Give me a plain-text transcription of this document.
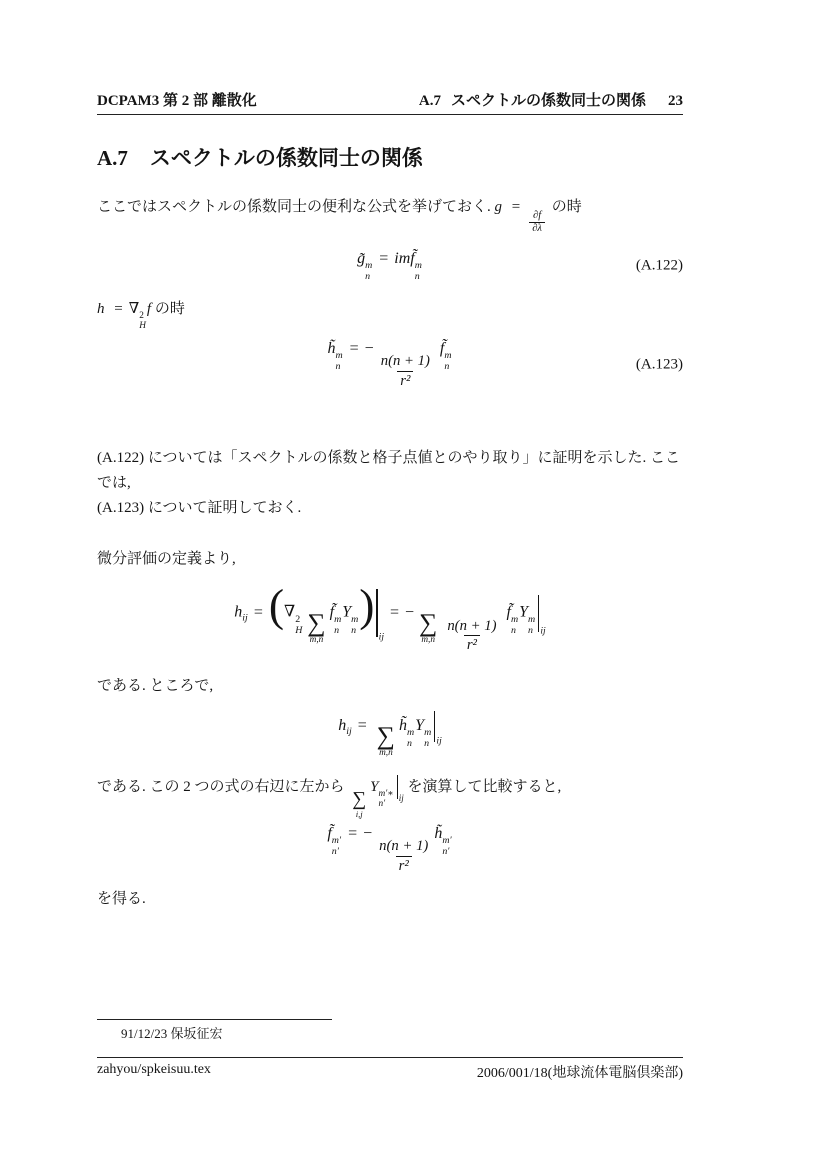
DCPAM3 第 2 部 離散化	A.7 スペクトルの係数同士の関係 23
A.7 スペクトルの係数同士の関係

ここではスペクトルの係数同士の便利な公式を挙げておく. g =
$\frac{\partial f}{\partial\lambda}$
の時

g̃ m
n
= imf̃ m
n
(A.122)

h = ∇ 2
H
f の時

h̃ m
n
= −
$\frac{n(n + 1)}{\text{r²}}$
f̃ m
n	(A.123)

(A.122) については「スペクトルの係数と格子点値とのやり取り」に証明を示した. ここでは,
(A.123) について証明しておく.

微分評価の定義より,

$h_{ij}$ = (∇ 2
H ∑
m,n
f̃ m
n
Y m
n
)
ij
= − ∑
$m,n \frac{n(n + 1)}{\text{r²}}$
f̃ m
n
Y m
n ij

である. ところで,

$h_{ij}$ = ∑
m,n
h̃ m
n
Y m
n ij

である. この 2 つの式の右辺に左から
∑
i,j
Y m′∗
n′
ij
を演算して比較すると,

f̃ m′
n′
= −
$\frac{n(n + 1)}{\text{r²}}$
h̃ m′
n′

を得る.

91/12/23 保坂征宏
zahyou/spkeisuu.tex	2006/001/18(地球流体電脳倶楽部)
